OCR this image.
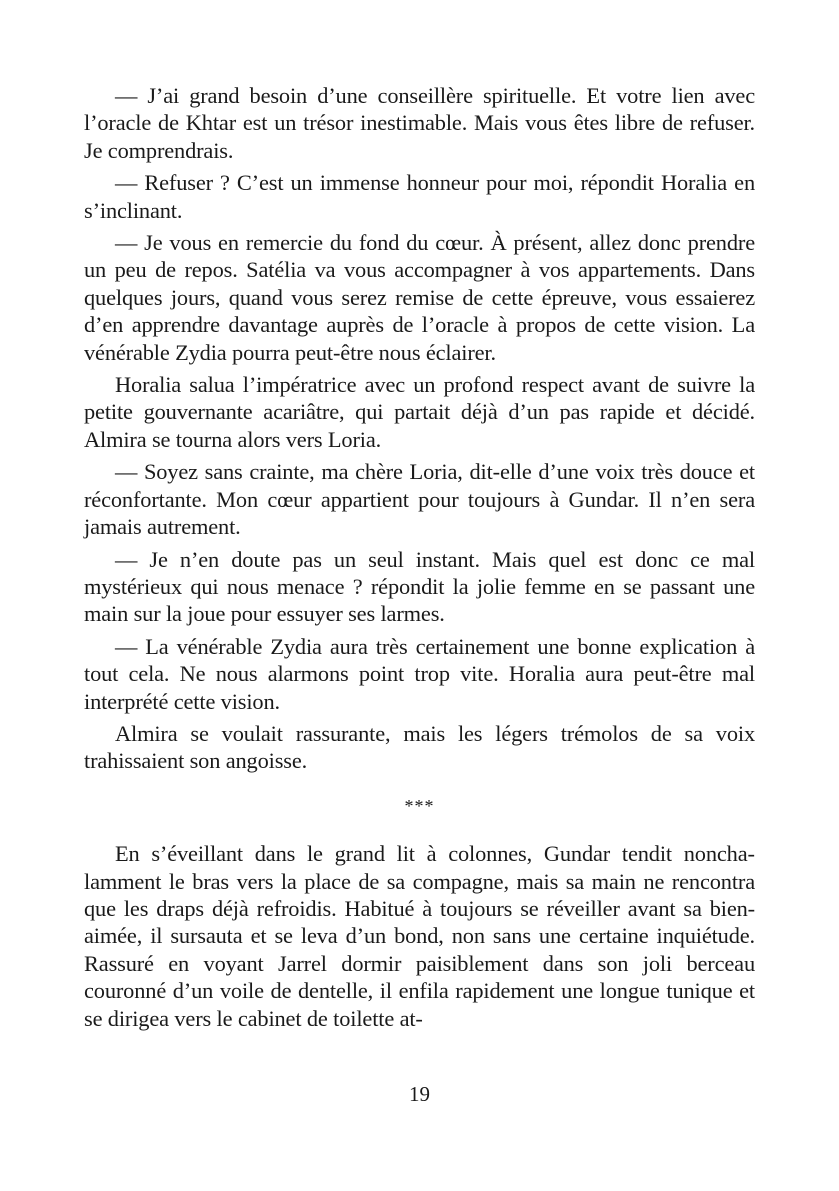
— J’ai grand besoin d’une conseillère spirituelle. Et votre lien avec l’oracle de Khtar est un trésor inestimable. Mais vous êtes libre de refuser. Je comprendrais.

— Refuser ? C’est un immense honneur pour moi, répondit Horalia en s’inclinant.

— Je vous en remercie du fond du cœur. À présent, allez donc prendre un peu de repos. Satélia va vous accompagner à vos appartements. Dans quelques jours, quand vous serez remise de cette épreuve, vous essaierez d’en apprendre davantage auprès de l’oracle à propos de cette vision. La vénérable Zydia pourra peut-être nous éclairer.

Horalia salua l’impératrice avec un profond respect avant de suivre la petite gouvernante acariâtre, qui partait déjà d’un pas rapide et décidé. Almira se tourna alors vers Loria.

— Soyez sans crainte, ma chère Loria, dit-elle d’une voix très douce et réconfortante. Mon cœur appartient pour toujours à Gundar. Il n’en sera jamais autrement.

— Je n’en doute pas un seul instant. Mais quel est donc ce mal mystérieux qui nous menace ? répondit la jolie femme en se passant une main sur la joue pour essuyer ses larmes.

— La vénérable Zydia aura très certainement une bonne explication à tout cela. Ne nous alarmons point trop vite. Horalia aura peut-être mal interprété cette vision.

Almira se voulait rassurante, mais les légers trémolos de sa voix trahissaient son angoisse.

***

En s’éveillant dans le grand lit à colonnes, Gundar tendit nonchalamment le bras vers la place de sa compagne, mais sa main ne rencontra que les draps déjà refroidis. Habitué à toujours se réveiller avant sa bien-aimée, il sursauta et se leva d’un bond, non sans une certaine inquiétude. Rassuré en voyant Jarrel dormir paisiblement dans son joli berceau couronné d’un voile de dentelle, il enfila rapidement une longue tunique et se dirigea vers le cabinet de toilette at-

19
